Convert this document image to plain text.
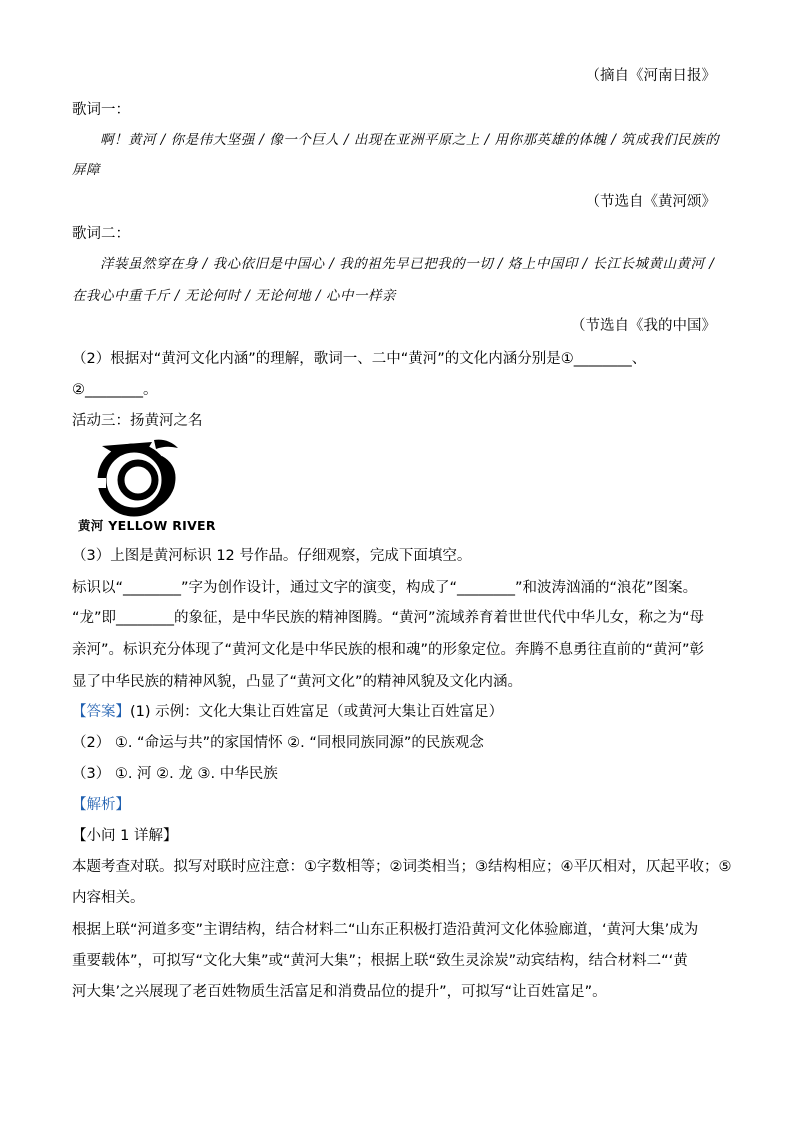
（摘自《河南日报》
歌词一：
啊！黄河 / 你是伟大坚强 / 像一个巨人 / 出现在亚洲平原之上 / 用你那英雄的体魄 / 筑成我们民族的
屏障
（节选自《黄河颂》
歌词二：
洋装虽然穿在身 / 我心依旧是中国心 / 我的祖先早已把我的一切 / 烙上中国印 / 长江长城黄山黄河 /
在我心中重千斤 / 无论何时 / 无论何地 / 心中一样亲
（节选自《我的中国》
（2）根据对“黄河文化内涵”的理解，歌词一、二中“黄河”的文化内涵分别是①________、
②________。
活动三：扬黄河之名
黄河 YELLOW RIVER
（3）上图是黄河标识 12 号作品。仔细观察，完成下面填空。
标识以“________”字为创作设计，通过文字的演变，构成了“________”和波涛汹涌的“浪花”图案。
“龙”即________的象征，是中华民族的精神图腾。“黄河”流域养育着世世代代中华儿女，称之为“母
亲河”。标识充分体现了“黄河文化是中华民族的根和魂”的形象定位。奔腾不息勇往直前的“黄河”彰
显了中华民族的精神风貌，凸显了“黄河文化”的精神风貌及文化内涵。
【答案】(1) 示例：文化大集让百姓富足（或黄河大集让百姓富足）
（2） ①. “命运与共”的家国情怀 ②. “同根同族同源”的民族观念
（3） ①. 河 ②. 龙 ③. 中华民族
【解析】
【小问 1 详解】
本题考查对联。拟写对联时应注意：①字数相等；②词类相当；③结构相应；④平仄相对，仄起平收；⑤
内容相关。
根据上联“河道多变”主谓结构，结合材料二“山东正积极打造沿黄河文化体验廊道，‘黄河大集’成为
重要载体”，可拟写“文化大集”或“黄河大集”；根据上联“致生灵涂炭”动宾结构，结合材料二“‘黄
河大集’之兴展现了老百姓物质生活富足和消费品位的提升”，可拟写“让百姓富足”。
